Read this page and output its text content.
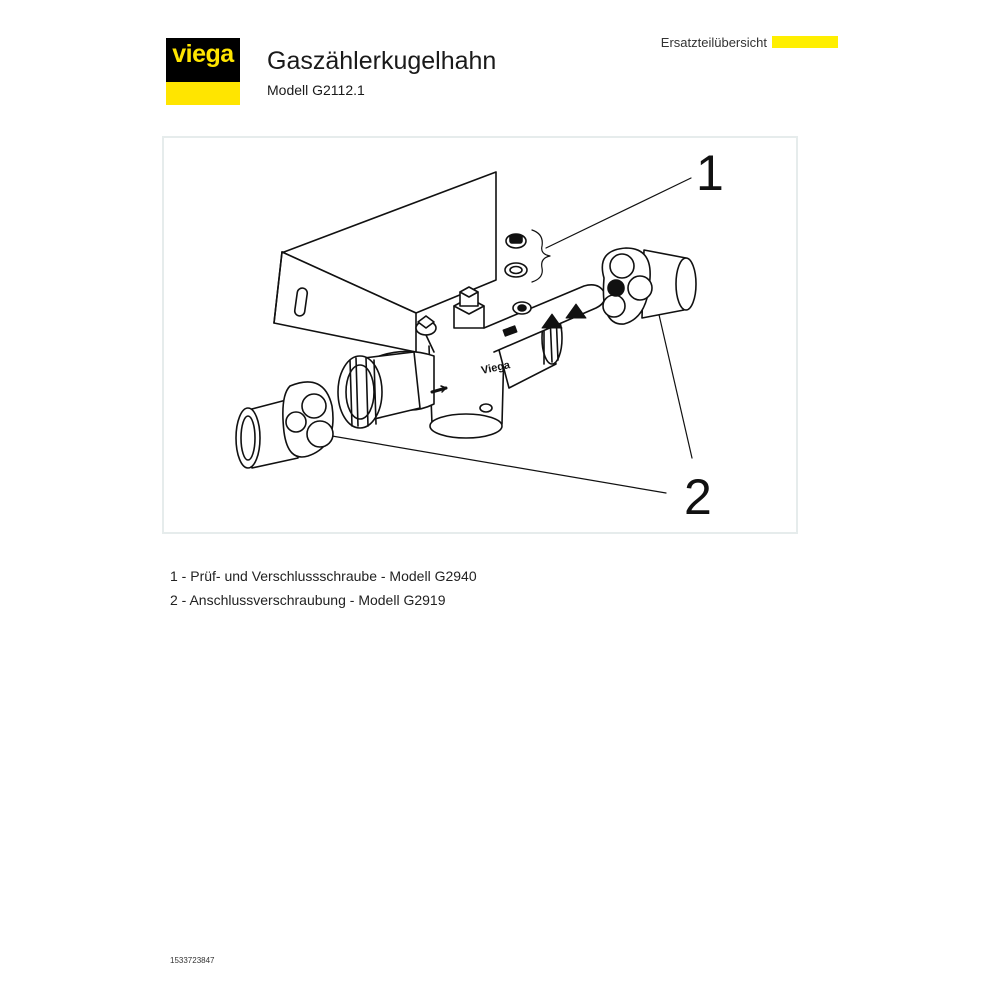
viega Gaszählerkugelhahn
Modell G2112.1
Ersatzteilübersicht
Viega
1
2
1 - Prüf- und Verschlussschraube - Modell G2940
2 - Anschlussverschraubung - Modell G2919
1533723847
